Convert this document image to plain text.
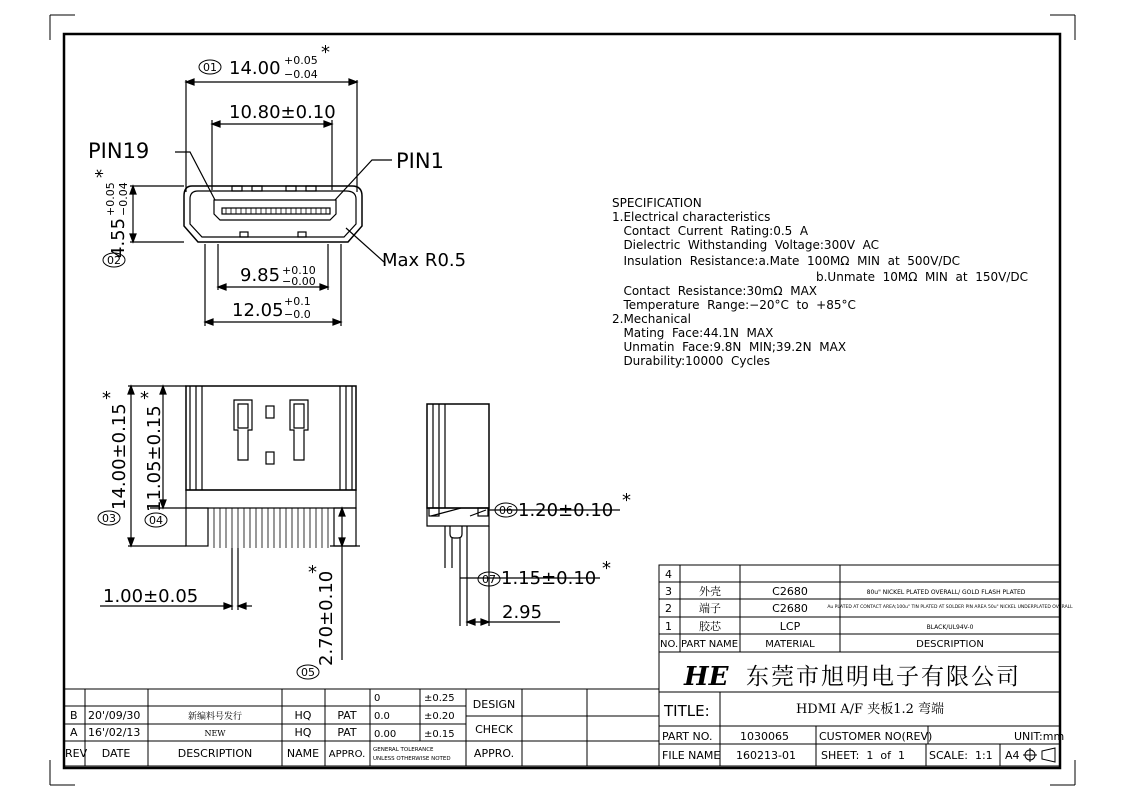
01 14.00 +0.05
−0.04
*
10.80±0.10
PIN19	PIN1
Max R0.5
4.55
+0.05 −0.04
*
02
9.85 +0.10
−0.00
12.05 +0.1
−0.0
14.00±0.15
*
03
11.05±0.15
*
04
1.00±0.05	2.70±0.10
*
05
06 1.20±0.10 *
07 1.15±0.10 *
2.95
SPECIFICATION
1.Electrical characteristics
Contact  Current  Rating:0.5  A
Dielectric  Withstanding  Voltage:300V  AC
Insulation  Resistance:a.Mate  100MΩ  MIN  at  500V/DC
b.Unmate  10MΩ  MIN  at  150V/DC
Contact  Resistance:30mΩ  MAX
Temperature  Range:−20°C  to  +85°C
2.Mechanical
Mating  Face:44.1N  MAX
Unmatin  Face:9.8N  MIN;39.2N  MAX
Durability:10000  Cycles
4
3 外壳	C2680	80u" NICKEL PLATED OVERALL/ GOLD FLASH PLATED
2 端子	C2680	Au PLATED AT CONTACT AREA;100u" TIN PLATED AT SOLDER PIN AREA 50u" NICKEL UNDERPLATED OVERALL
1 胶芯	LCP	BLACK/UL94V-0
NO. PART NAME	MATERIAL	DESCRIPTION
HE 东莞市旭明电子有限公司
TITLE:	HDMI A/F 夹板1.2 弯端
PART NO.	1030065	CUSTOMER NO(REV)	UNIT:mm
FILE NAME 160213-01 SHEET:  1  of  1 SCALE:  1:1 A4
0	±0.25
0.0	±0.20
0.00	±0.15
GENERAL TOLERANCE
UNLESS OTHERWISE NOTED
B 20'/09/30	新编料号发行	HQ PAT
A 16'/02/13	NEW	HQ PAT
REV DATE	DESCRIPTION	NAME APPRO.
DESIGN
CHECK
APPRO.
